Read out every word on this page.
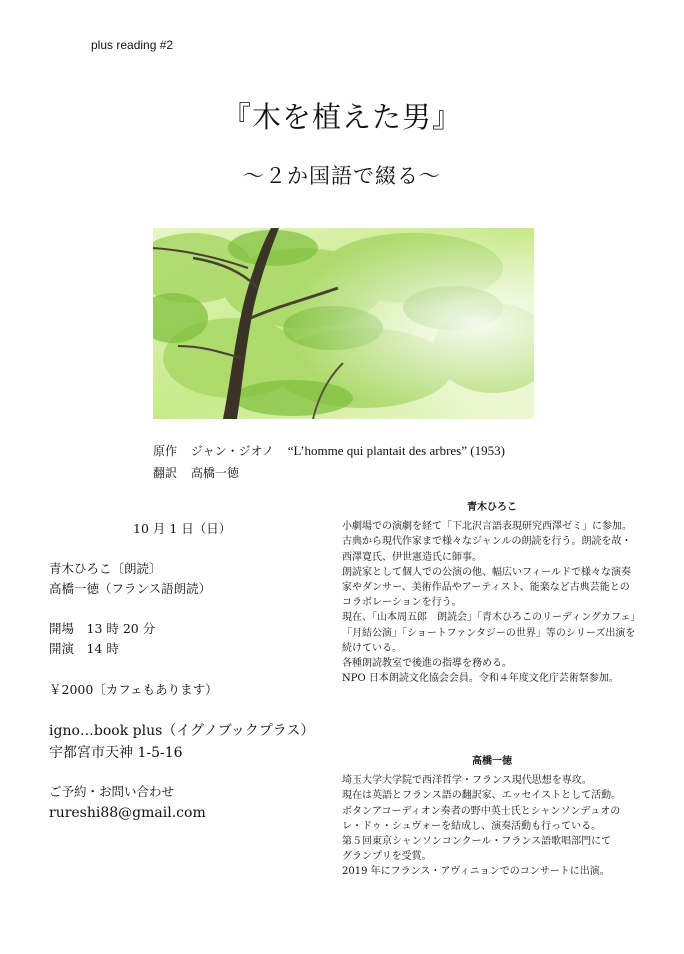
plus reading #2
『木を植えた男』
～２か国語で綴る～
原作 ジャン・ジオノ “L’homme qui plantait des arbres” (1953)
翻訳 高橋一徳
10 月 1 日（日）
青木ひろこ〔朗読〕
高橋一徳（フランス語朗読）
開場　13 時 20 分
開演　14 時
￥2000〔カフェもあります）
igno…book plus（イグノブックプラス）
宇都宮市天神 1-5-16
ご予約・お問い合わせ
rureshi88@gmail.com
青木ひろこ

小劇場での演劇を経て「下北沢言語表現研究西澤ゼミ」に参加。

古典から現代作家まで様々なジャンルの朗読を行う。朗読を故・

西澤寛氏、伊世憲造氏に師事。

朗読家として個人での公演の他、幅広いフィールドで様々な演奏

家やダンサー、美術作品やアーティスト、能楽など古典芸能との

コラボレーションを行う。

現在、「山本周五郎　朗読会」「青木ひろこのリーディングカフェ」

「月結公演」「ショートファンタジーの世界」等のシリーズ出演を

続けている。

各種朗読教室で後進の指導を務める。

NPO 日本朗読文化協会会員。令和４年度文化庁芸術祭参加。

高橋一徳

埼玉大学大学院で西洋哲学・フランス現代思想を専攻。

現在は英語とフランス語の翻訳家、エッセイストとして活動。

ボタンアコーディオン奏者の野中英士氏とシャンソンデュオの

レ・ドゥ・シュヴォーを結成し、演奏活動も行っている。

第５回東京シャンソンコンクール・フランス語歌唱部門にて

グランプリを受賞。

2019 年にフランス・アヴィニョンでのコンサートに出演。
